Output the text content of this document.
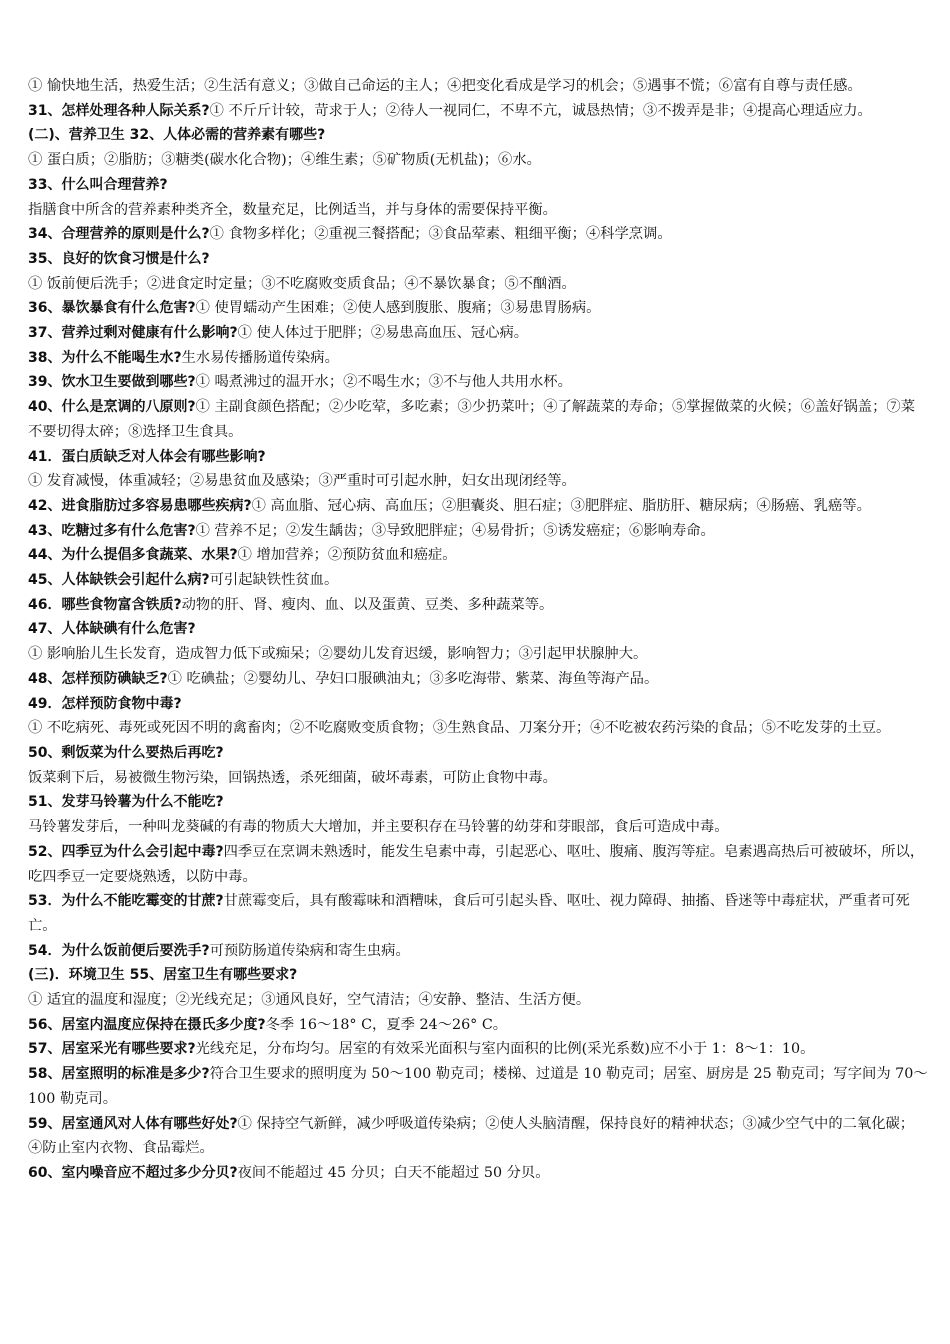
① 愉快地生活，热爱生活；②生活有意义；③做自己命运的主人；④把变化看成是学习的机会；⑤遇事不慌；⑥富有自尊与责任感。
31、怎样处理各种人际关系?① 不斤斤计较，苛求于人；②待人一视同仁，不卑不亢，诚恳热情；③不拨弄是非；④提高心理适应力。
(二)、营养卫生 32、人体必需的营养素有哪些?
① 蛋白质；②脂肪；③糖类(碳水化合物)；④维生素；⑤矿物质(无机盐)；⑥水。
33、什么叫合理营养?
指膳食中所含的营养素种类齐全，数量充足，比例适当，并与身体的需要保持平衡。
34、合理营养的原则是什么?① 食物多样化；②重视三餐搭配；③食品荤素、粗细平衡；④科学烹调。
35、良好的饮食习惯是什么?
① 饭前便后洗手；②进食定时定量；③不吃腐败变质食品；④不暴饮暴食；⑤不酗酒。
36、暴饮暴食有什么危害?① 使胃蠕动产生困难；②使人感到腹胀、腹痛；③易患胃肠病。
37、营养过剩对健康有什么影响?① 使人体过于肥胖；②易患高血压、冠心病。
38、为什么不能喝生水?生水易传播肠道传染病。
39、饮水卫生要做到哪些?① 喝煮沸过的温开水；②不喝生水；③不与他人共用水杯。
40、什么是烹调的八原则?① 主副食颜色搭配；②少吃荤，多吃素；③少扔菜叶；④了解蔬菜的寿命；⑤掌握做菜的火候；⑥盖好锅盖；⑦菜不要切得太碎；⑧选择卫生食具。
41．蛋白质缺乏对人体会有哪些影响?
① 发育减慢，体重减轻；②易患贫血及感染；③严重时可引起水肿，妇女出现闭经等。
42、进食脂肪过多容易患哪些疾病?① 高血脂、冠心病、高血压；②胆囊炎、胆石症；③肥胖症、脂肪肝、糖尿病；④肠癌、乳癌等。
43、吃糖过多有什么危害?① 营养不足；②发生龋齿；③导致肥胖症；④易骨折；⑤诱发癌症；⑥影响寿命。
44、为什么提倡多食蔬菜、水果?① 增加营养；②预防贫血和癌症。
45、人体缺铁会引起什么病?可引起缺铁性贫血。
46．哪些食物富含铁质?动物的肝、肾、瘦肉、血、以及蛋黄、豆类、多种蔬菜等。
47、人体缺碘有什么危害?
① 影响胎儿生长发育，造成智力低下或痴呆；②婴幼儿发育迟缓，影响智力；③引起甲状腺肿大。
48、怎样预防碘缺乏?① 吃碘盐；②婴幼儿、孕妇口服碘油丸；③多吃海带、紫菜、海鱼等海产品。
49．怎样预防食物中毒?
① 不吃病死、毒死或死因不明的禽畜肉；②不吃腐败变质食物；③生熟食品、刀案分开；④不吃被农药污染的食品；⑤不吃发芽的土豆。
50、剩饭菜为什么要热后再吃?
饭菜剩下后，易被微生物污染，回锅热透，杀死细菌，破坏毒素，可防止食物中毒。
51、发芽马铃薯为什么不能吃?
马铃薯发芽后，一种叫龙葵碱的有毒的物质大大增加，并主要积存在马铃薯的幼芽和芽眼部，食后可造成中毒。
52、四季豆为什么会引起中毒?四季豆在烹调未熟透时，能发生皂素中毒，引起恶心、呕吐、腹痛、腹泻等症。皂素遇高热后可被破坏，所以，吃四季豆一定要烧熟透，以防中毒。
53．为什么不能吃霉变的甘蔗?甘蔗霉变后，具有酸霉味和酒糟味，食后可引起头昏、呕吐、视力障碍、抽搐、昏迷等中毒症状，严重者可死亡。
54．为什么饭前便后要洗手?可预防肠道传染病和寄生虫病。
(三)．环境卫生 55、居室卫生有哪些要求?
① 适宜的温度和湿度；②光线充足；③通风良好，空气清洁；④安静、整洁、生活方便。
56、居室内温度应保持在摄氏多少度?冬季 16～18° C，夏季 24～26° C。
57、居室采光有哪些要求?光线充足，分布均匀。居室的有效采光面积与室内面积的比例(采光系数)应不小于 1：8～1：10。
58、居室照明的标准是多少?符合卫生要求的照明度为 50～100 勒克司；楼梯、过道是 10 勒克司；居室、厨房是 25 勒克司；写字间为 70～100 勒克司。
59、居室通风对人体有哪些好处?① 保持空气新鲜，减少呼吸道传染病；②使人头脑清醒，保持良好的精神状态；③减少空气中的二氧化碳；④防止室内衣物、食品霉烂。
60、室内噪音应不超过多少分贝?夜间不能超过 45 分贝；白天不能超过 50 分贝。
